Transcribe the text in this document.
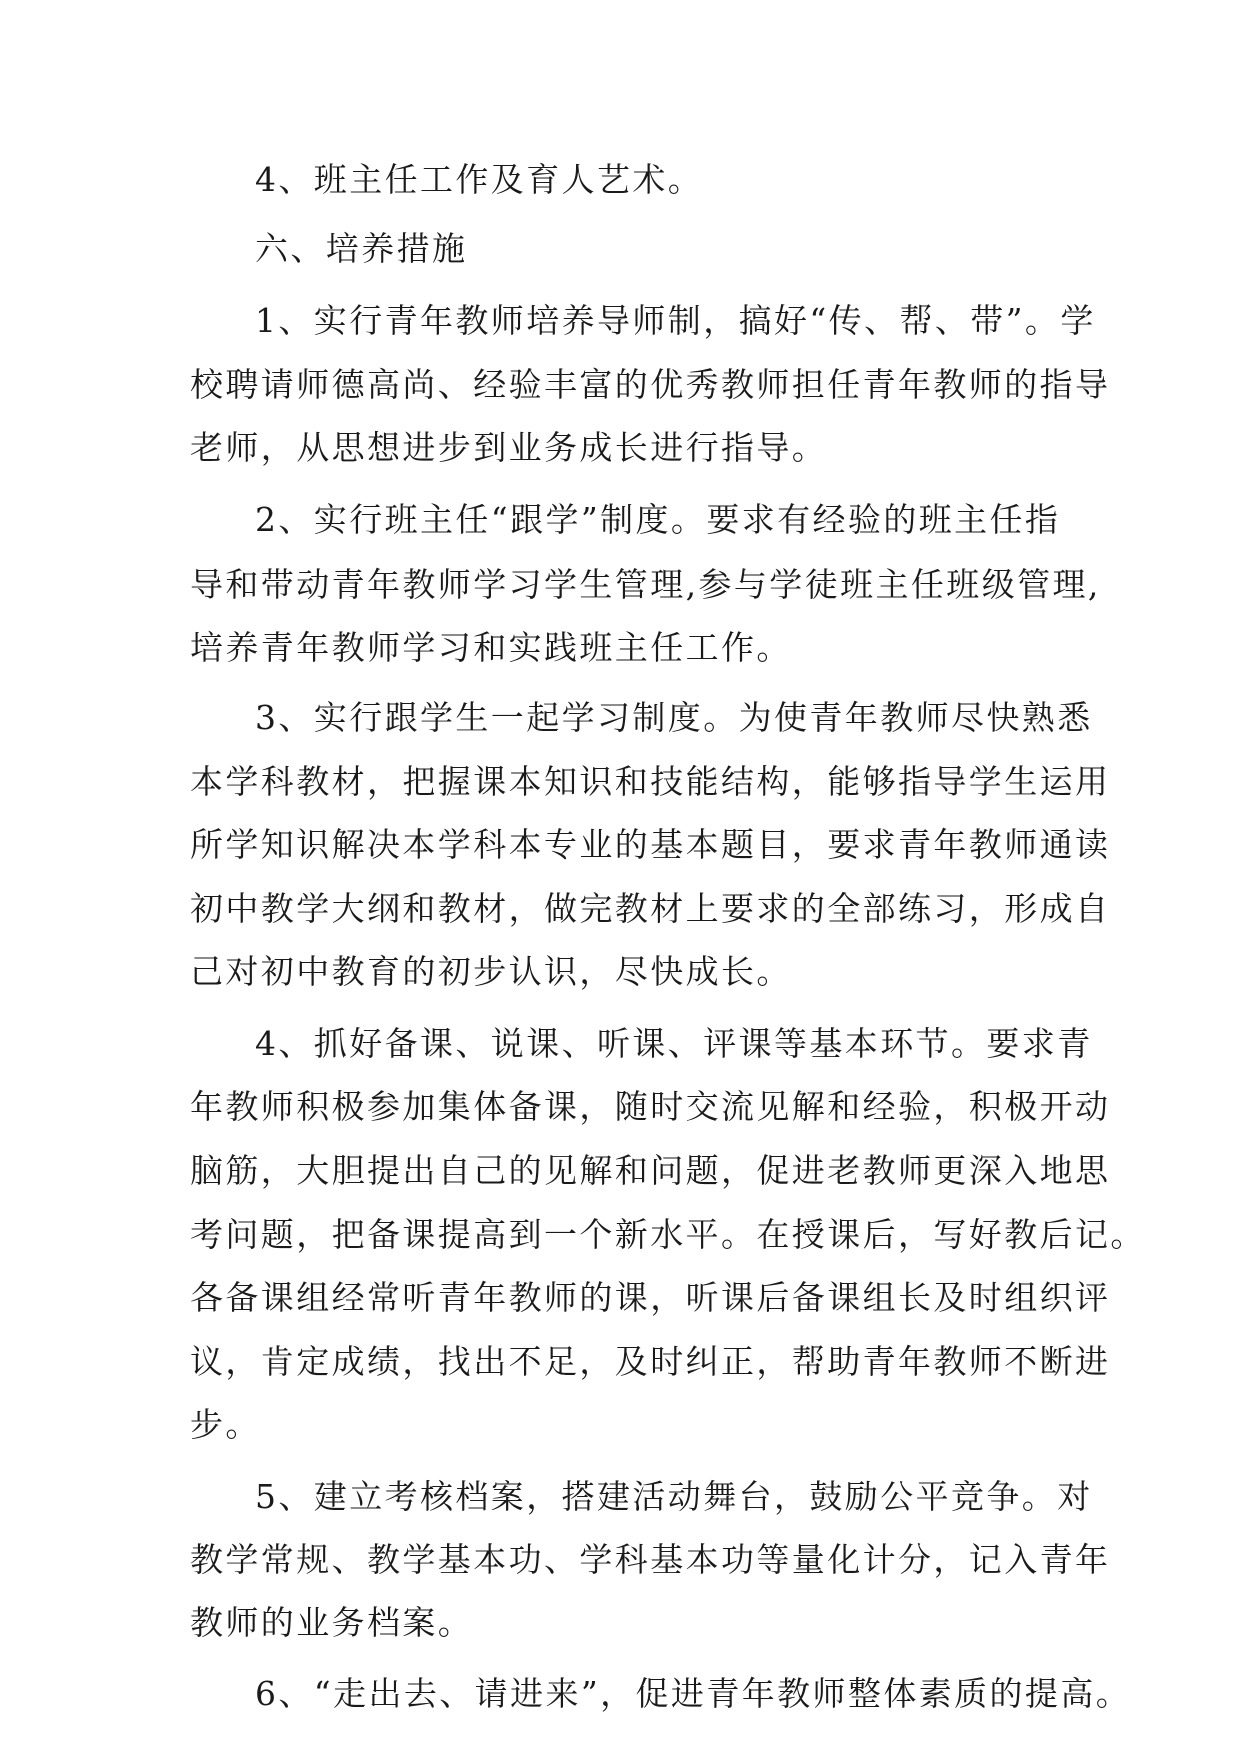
4、班主任工作及育人艺术。
六、培养措施
1、实行青年教师培养导师制，搞好“传、帮、带”。学
校聘请师德高尚、经验丰富的优秀教师担任青年教师的指导
老师，从思想进步到业务成长进行指导。
2、实行班主任“跟学”制度。要求有经验的班主任指
导和带动青年教师学习学生管理,参与学徒班主任班级管理,
培养青年教师学习和实践班主任工作。
3、实行跟学生一起学习制度。为使青年教师尽快熟悉
本学科教材，把握课本知识和技能结构，能够指导学生运用
所学知识解决本学科本专业的基本题目，要求青年教师通读
初中教学大纲和教材，做完教材上要求的全部练习，形成自
己对初中教育的初步认识，尽快成长。
4、抓好备课、说课、听课、评课等基本环节。要求青
年教师积极参加集体备课，随时交流见解和经验，积极开动
脑筋，大胆提出自己的见解和问题，促进老教师更深入地思
考问题，把备课提高到一个新水平。在授课后，写好教后记。
各备课组经常听青年教师的课，听课后备课组长及时组织评
议，肯定成绩，找出不足，及时纠正，帮助青年教师不断进
步。
5、建立考核档案，搭建活动舞台，鼓励公平竞争。对
教学常规、教学基本功、学科基本功等量化计分，记入青年
教师的业务档案。
6、“走出去、请进来”，促进青年教师整体素质的提高。
